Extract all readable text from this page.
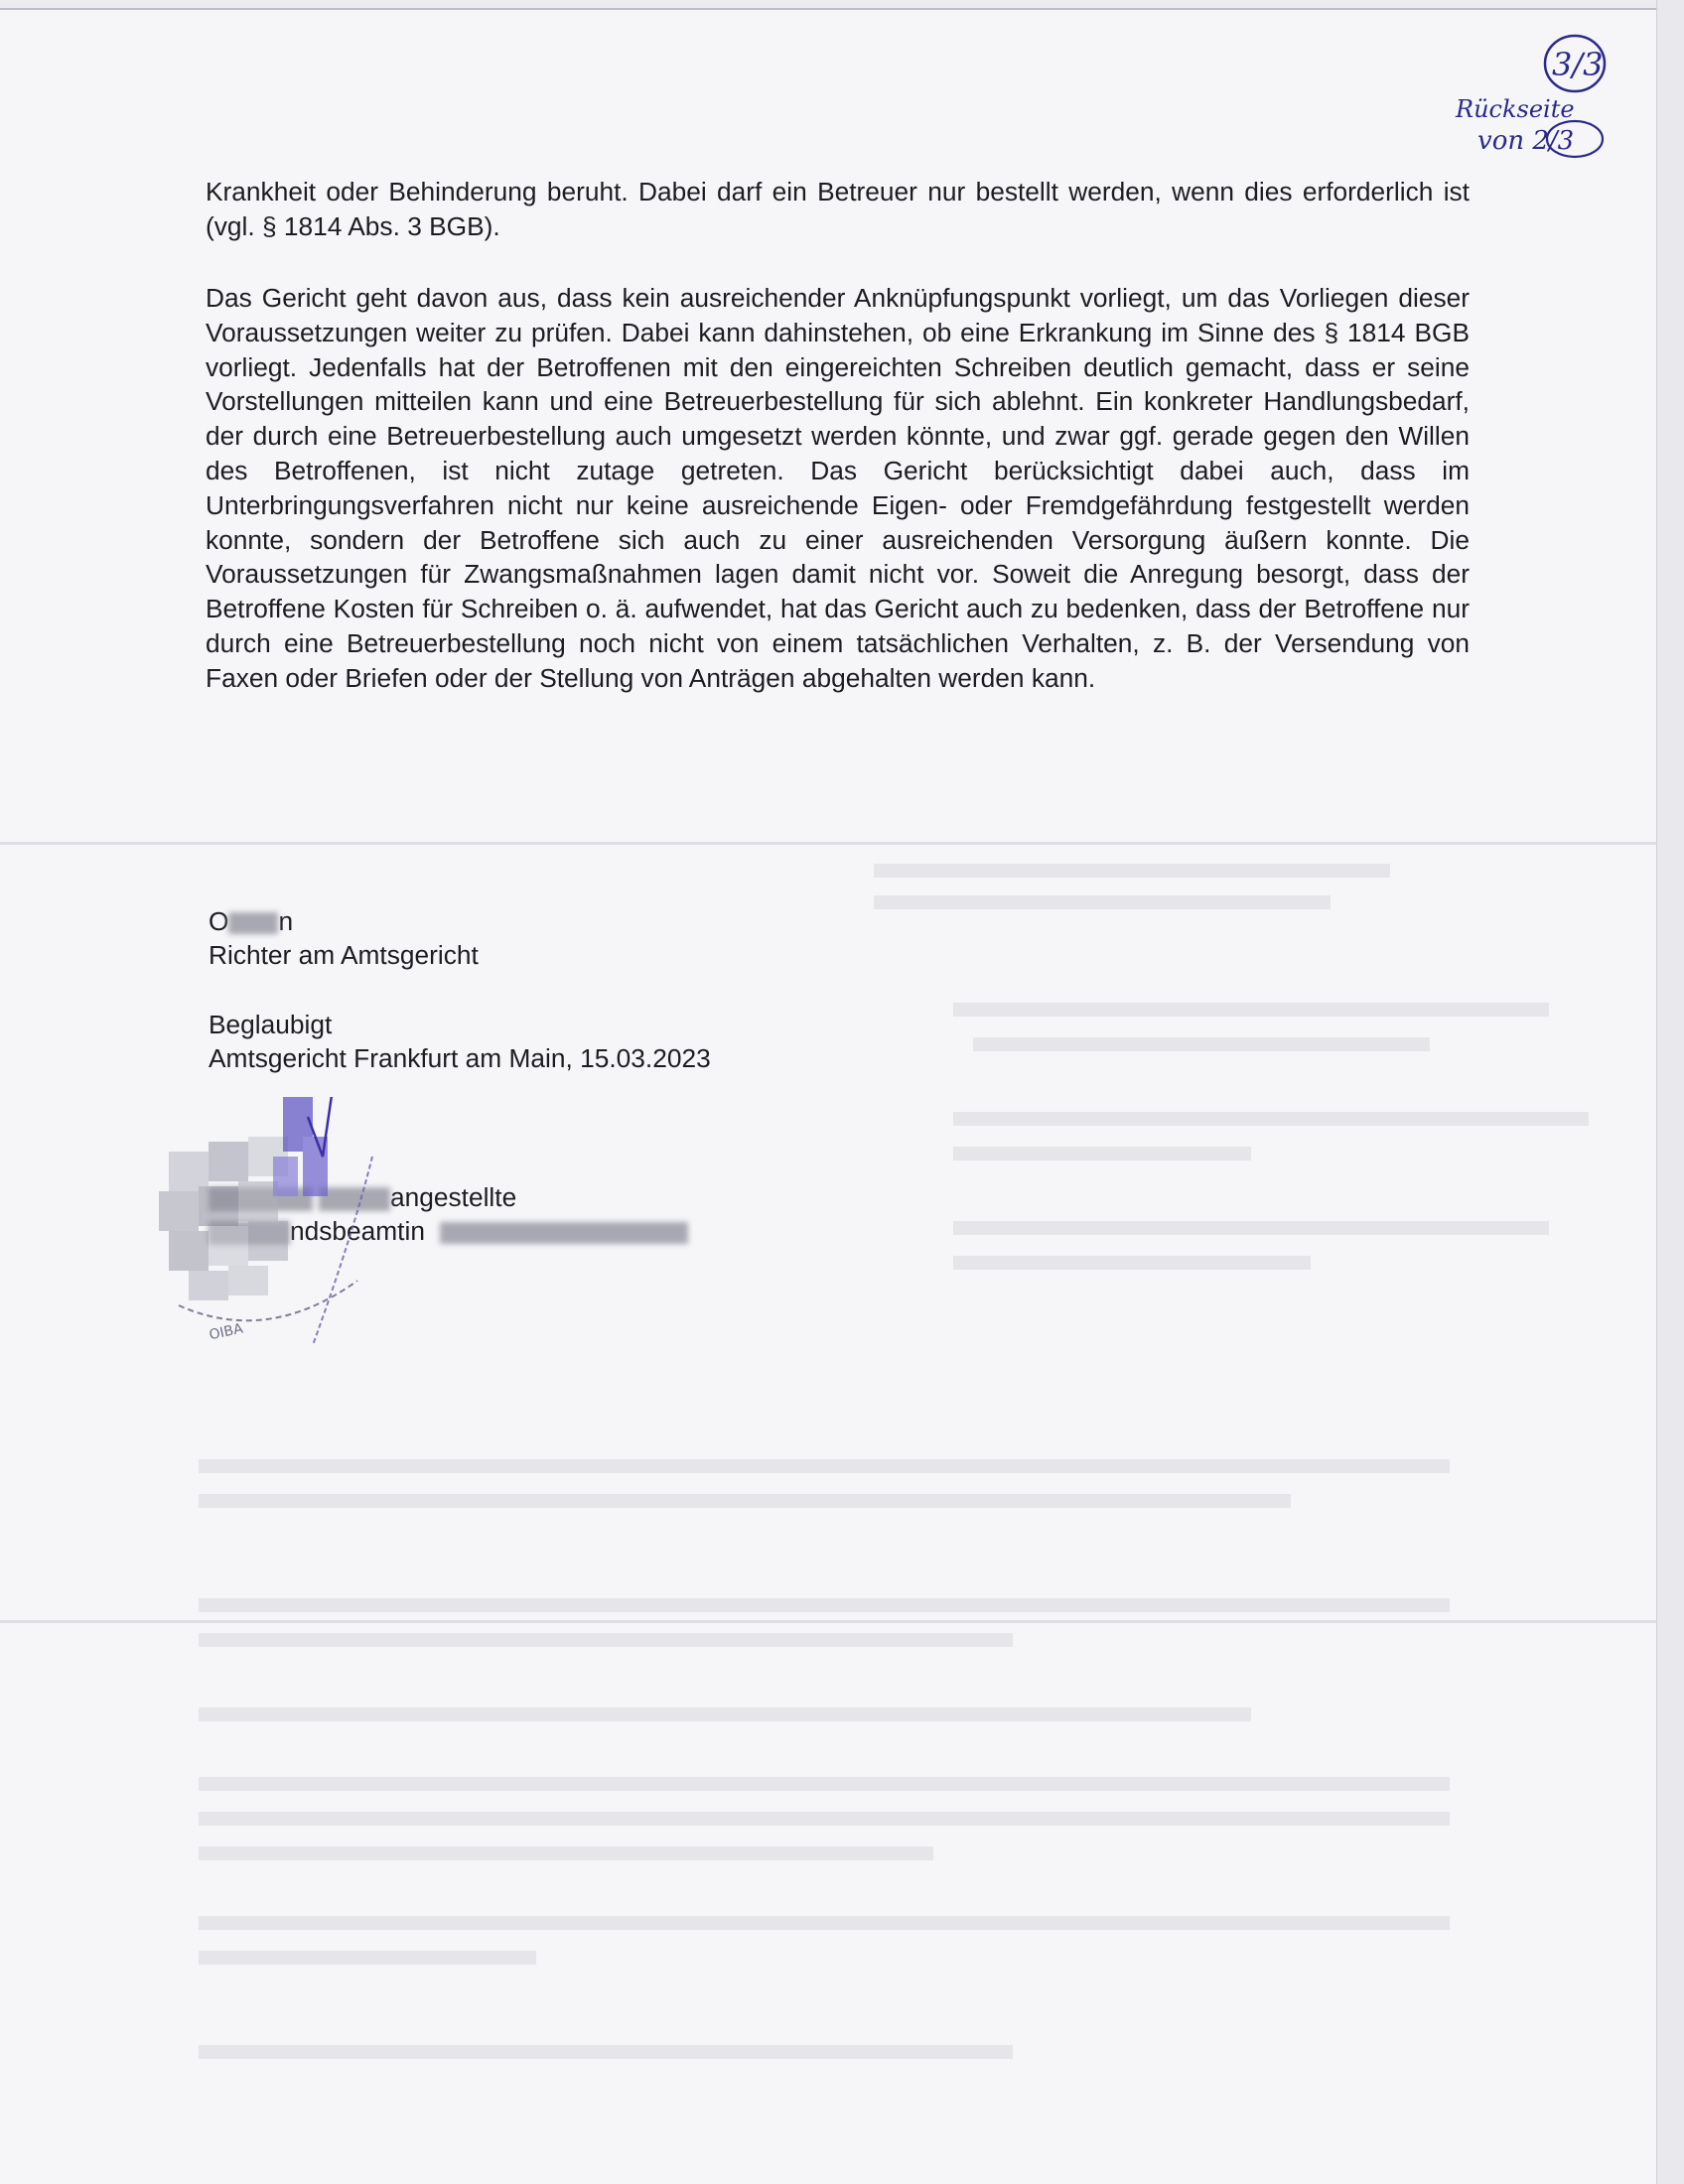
3/3
Rückseite
von 2/3
Krankheit oder Behinderung beruht. Dabei darf ein Betreuer nur bestellt werden, wenn dies erforderlich ist (vgl. § 1814 Abs. 3 BGB).
Das Gericht geht davon aus, dass kein ausreichender Anknüpfungspunkt vorliegt, um das Vorliegen dieser Voraussetzungen weiter zu prüfen. Dabei kann dahinstehen, ob eine Erkrankung im Sinne des § 1814 BGB vorliegt. Jedenfalls hat der Betroffenen mit den eingereichten Schreiben deutlich gemacht, dass er seine Vorstellungen mitteilen kann und eine Betreuerbestellung für sich ablehnt. Ein konkreter Handlungsbedarf, der durch eine Betreuerbestellung auch umgesetzt werden könnte, und zwar ggf. gerade gegen den Willen des Betroffenen, ist nicht zutage getreten. Das Gericht berücksichtigt dabei auch, dass im Unterbringungsverfahren nicht nur keine ausreichende Eigen- oder Fremdgefährdung festgestellt werden konnte, sondern der Betroffene sich auch zu einer ausreichenden Versorgung äußern konnte. Die Voraussetzungen für Zwangsmaßnahmen lagen damit nicht vor. Soweit die Anregung besorgt, dass der Betroffene Kosten für Schreiben o. ä. aufwendet, hat das Gericht auch zu bedenken, dass der Betroffene nur durch eine Betreuerbestellung noch nicht von einem tatsächlichen Verhalten, z. B. der Versendung von Faxen oder Briefen oder der Stellung von Anträgen abgehalten werden kann.
O n
Richter am Amtsgericht
Beglaubigt
Amtsgericht Frankfurt am Main, 15.03.2023
angestellte
ndsbeamtin
OIBA
